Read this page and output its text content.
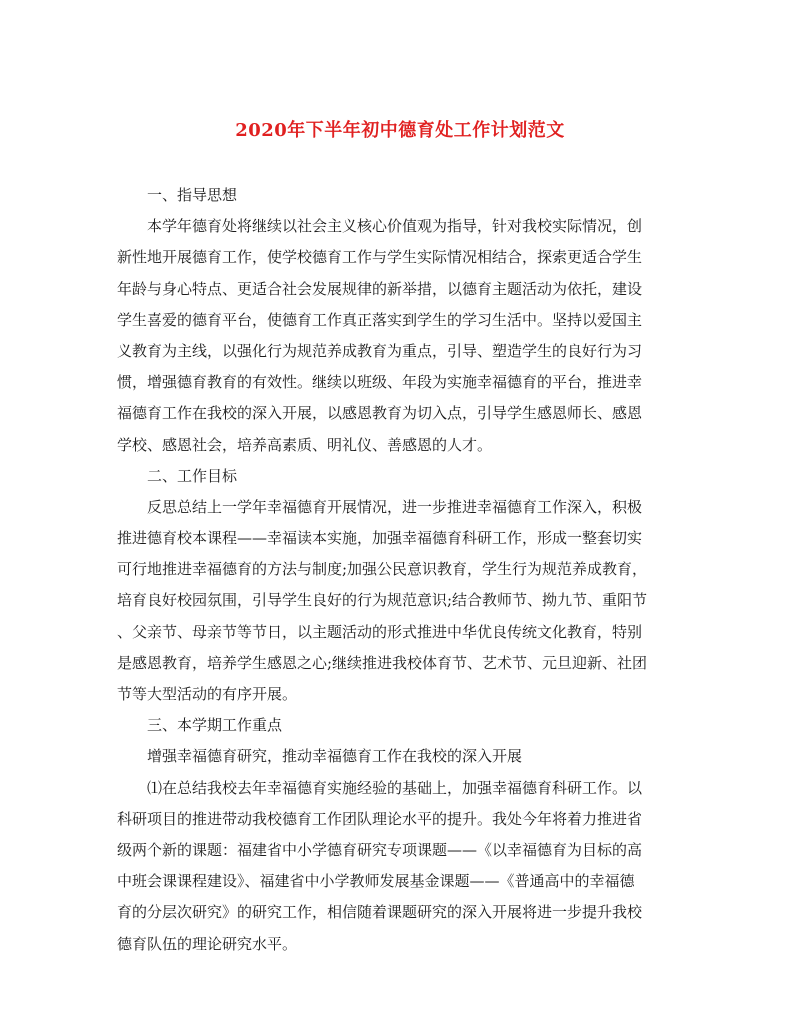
2020年下半年初中德育处工作计划范文
　　一、指导思想
　　本学年德育处将继续以社会主义核心价值观为指导，针对我校实际情况，创
新性地开展德育工作，使学校德育工作与学生实际情况相结合，探索更适合学生
年龄与身心特点、更适合社会发展规律的新举措，以德育主题活动为依托，建设
学生喜爱的德育平台，使德育工作真正落实到学生的学习生活中。坚持以爱国主
义教育为主线，以强化行为规范养成教育为重点，引导、塑造学生的良好行为习
惯，增强德育教育的有效性。继续以班级、年段为实施幸福德育的平台，推进幸
福德育工作在我校的深入开展，以感恩教育为切入点，引导学生感恩师长、感恩
学校、感恩社会，培养高素质、明礼仪、善感恩的人才。
　　二、工作目标
　　反思总结上一学年幸福德育开展情况，进一步推进幸福德育工作深入，积极
推进德育校本课程——幸福读本实施，加强幸福德育科研工作，形成一整套切实
可行地推进幸福德育的方法与制度;加强公民意识教育，学生行为规范养成教育，
培育良好校园氛围，引导学生良好的行为规范意识;结合教师节、拗九节、重阳节
、父亲节、母亲节等节日，以主题活动的形式推进中华优良传统文化教育，特别
是感恩教育，培养学生感恩之心;继续推进我校体育节、艺术节、元旦迎新、社团
节等大型活动的有序开展。
　　三、本学期工作重点
　　增强幸福德育研究，推动幸福德育工作在我校的深入开展
　　⑴在总结我校去年幸福德育实施经验的基础上，加强幸福德育科研工作。以
科研项目的推进带动我校德育工作团队理论水平的提升。我处今年将着力推进省
级两个新的课题：福建省中小学德育研究专项课题——《以幸福德育为目标的高
中班会课课程建设》、福建省中小学教师发展基金课题——《普通高中的幸福德
育的分层次研究》的研究工作，相信随着课题研究的深入开展将进一步提升我校
德育队伍的理论研究水平。
